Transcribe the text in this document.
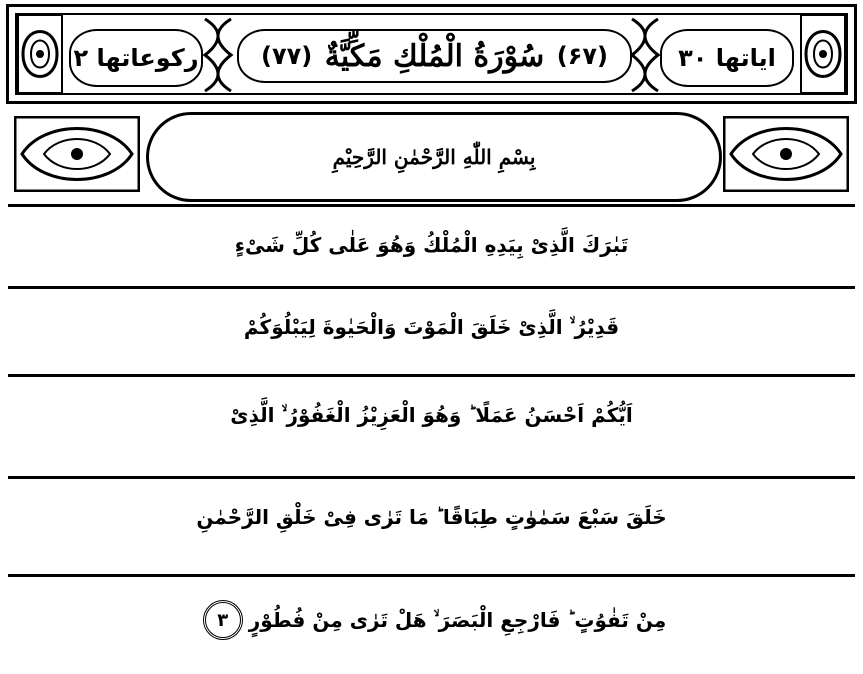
رکوعاتھا ۲	(۶۷)
سُوْرَةُ الْمُلْكِ مَكِّيَّةٌ
(۷۷)	ایاتھا ۳۰
بِسْمِ اللّٰهِ الرَّحْمٰنِ الرَّحِيْمِ
تَبٰرَكَ الَّذِیْ بِیَدِهِ الْمُلْكُ وَهُوَ عَلٰى كُلِّ شَیْءٍ
قَدِیْرُ ۙ الَّذِیْ خَلَقَ الْمَوْتَ وَالْحَیٰوةَ لِیَبْلُوَكُمْ
اَیُّكُمْ اَحْسَنُ عَمَلًا ؕ وَهُوَ الْعَزِیْزُ الْغَفُوْرُ ۙ الَّذِیْ
خَلَقَ سَبْعَ سَمٰوٰتٍ طِبَاقًا ؕ مَا تَرٰى فِیْ خَلْقِ الرَّحْمٰنِ
مِنْ تَفٰوُتٍ ؕ فَارْجِعِ الْبَصَرَ ۙ هَلْ تَرٰى مِنْ فُطُوْرٍ
۳
